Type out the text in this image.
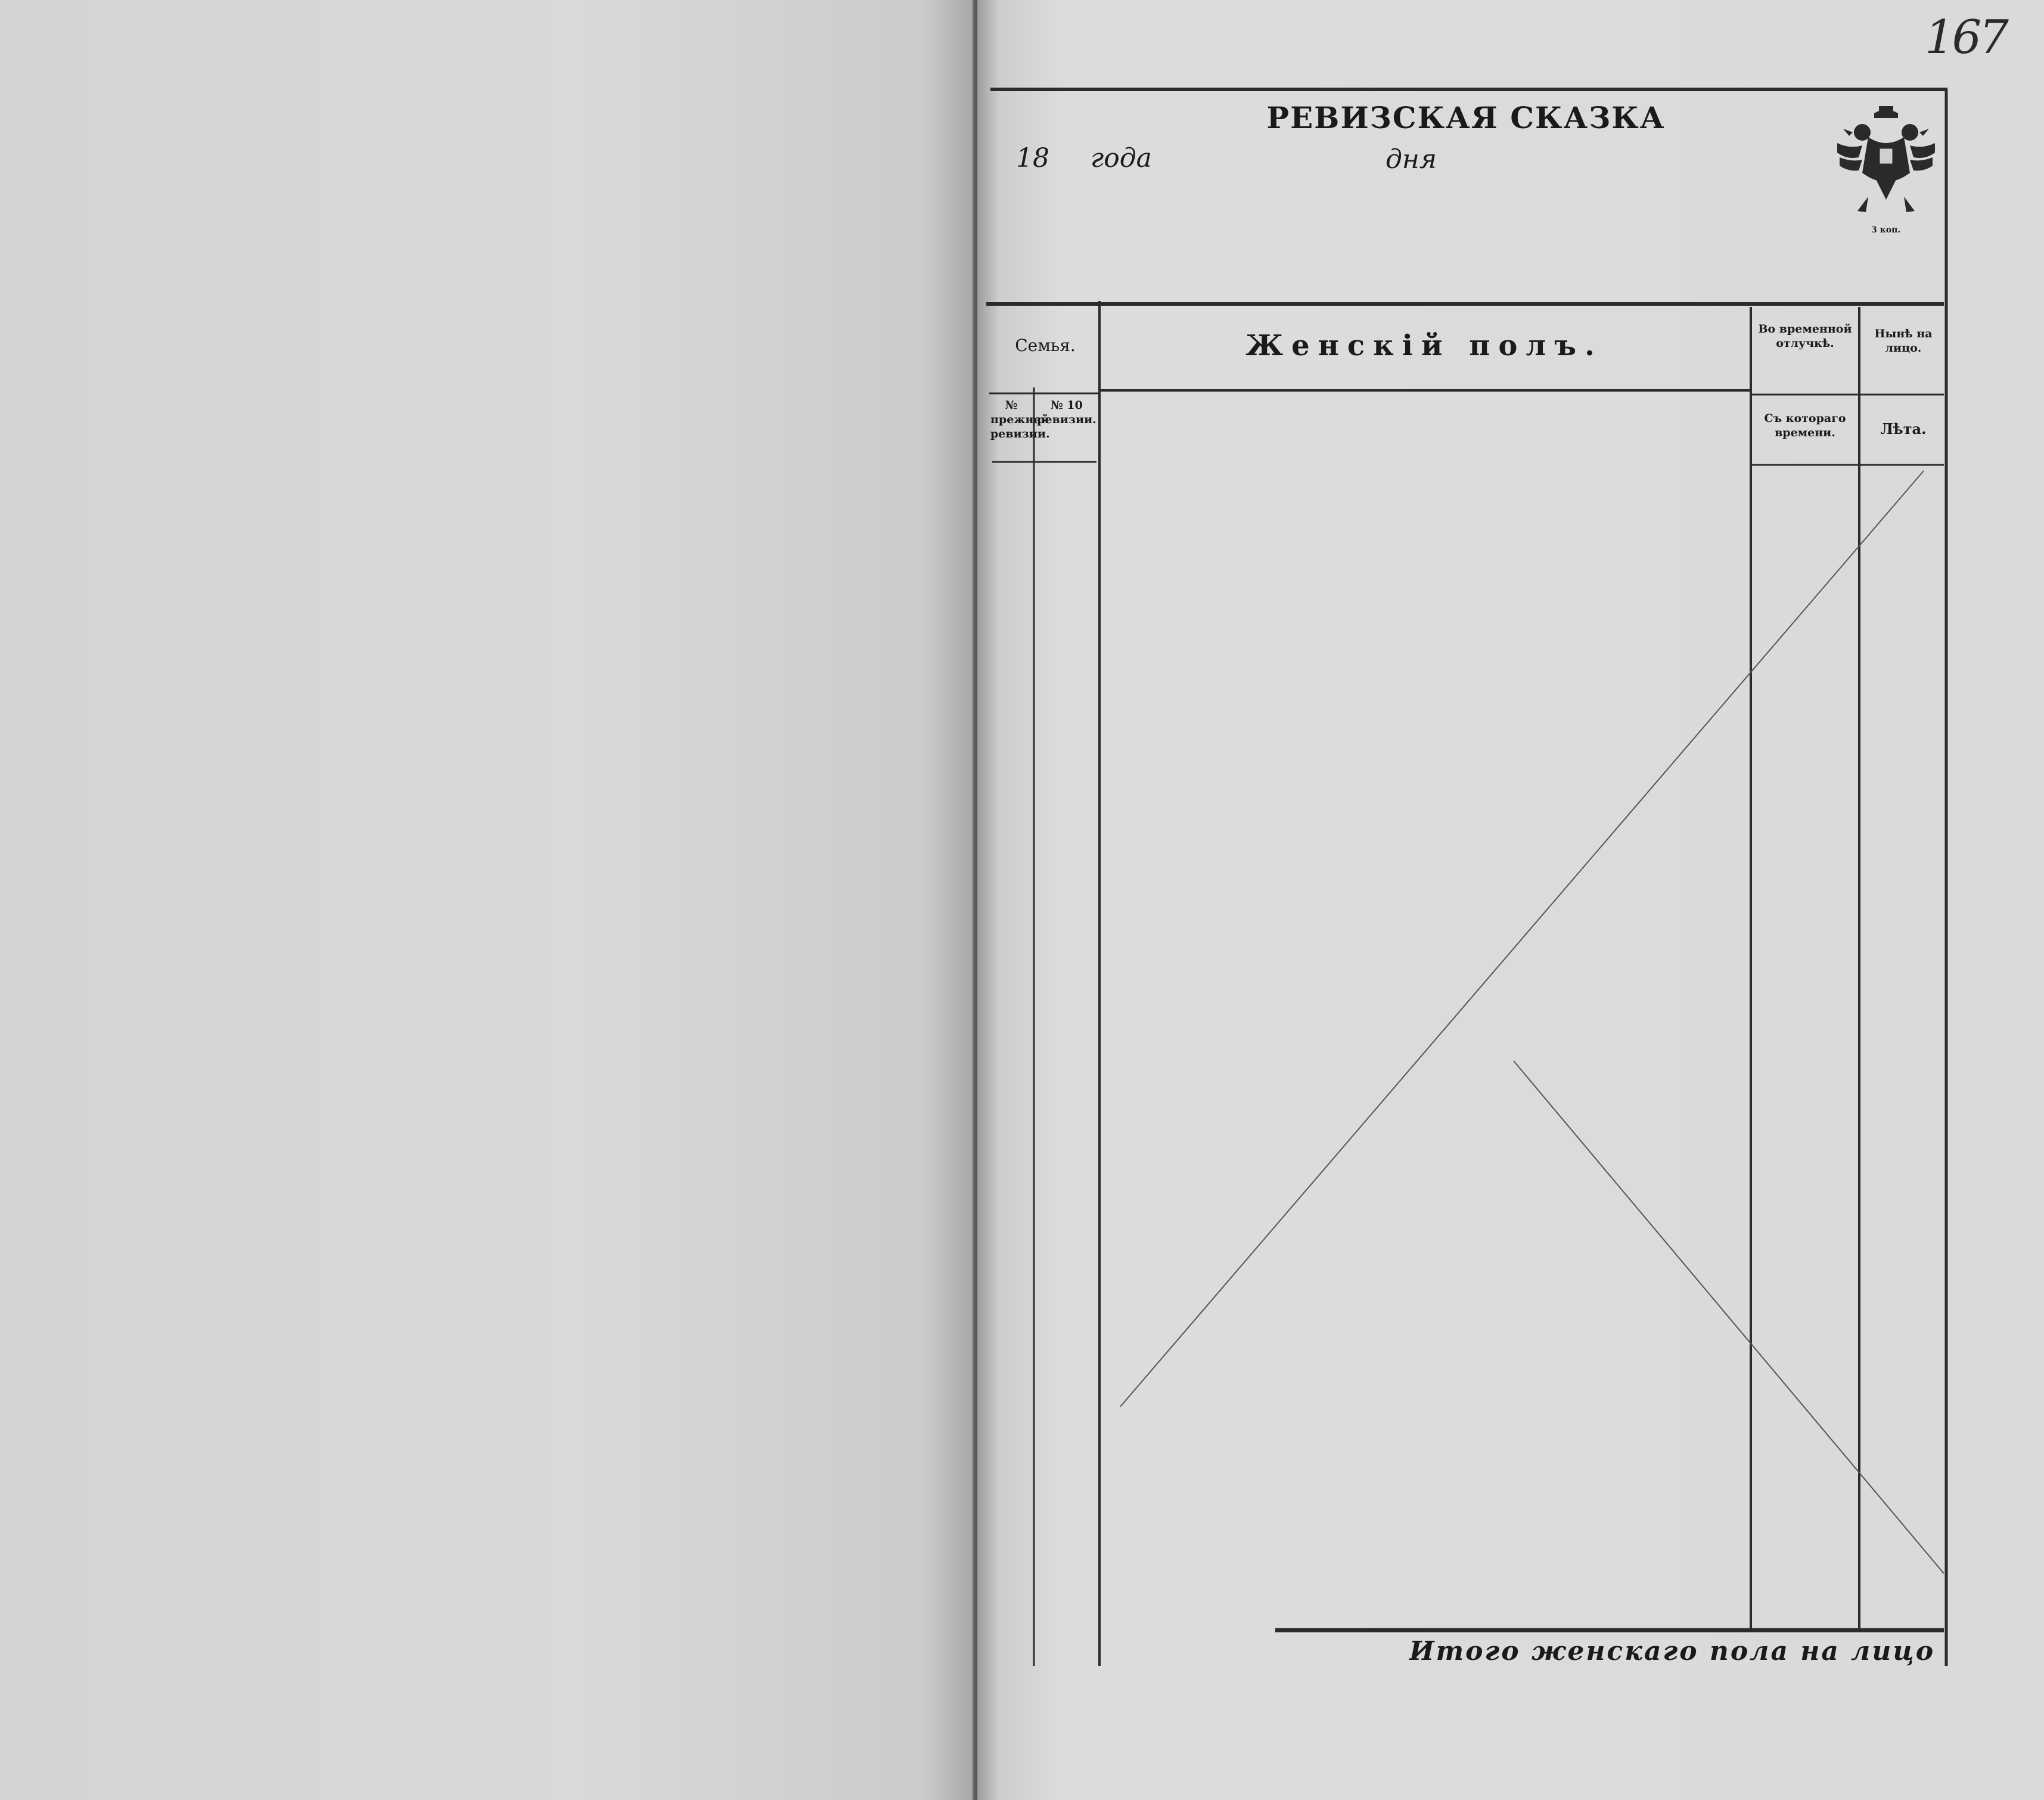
167
РЕВИЗСКАЯ СКАЗКА
18 года	дня
3 коп.
Семья.
№ прежней ревизии.
№ 10 ревизии.
Женскій полъ.	Во временной отлучкѣ.
Съ котораго времени.
Нынѣ на лицо.
Лѣта.
Итого женскаго пола на лицо
